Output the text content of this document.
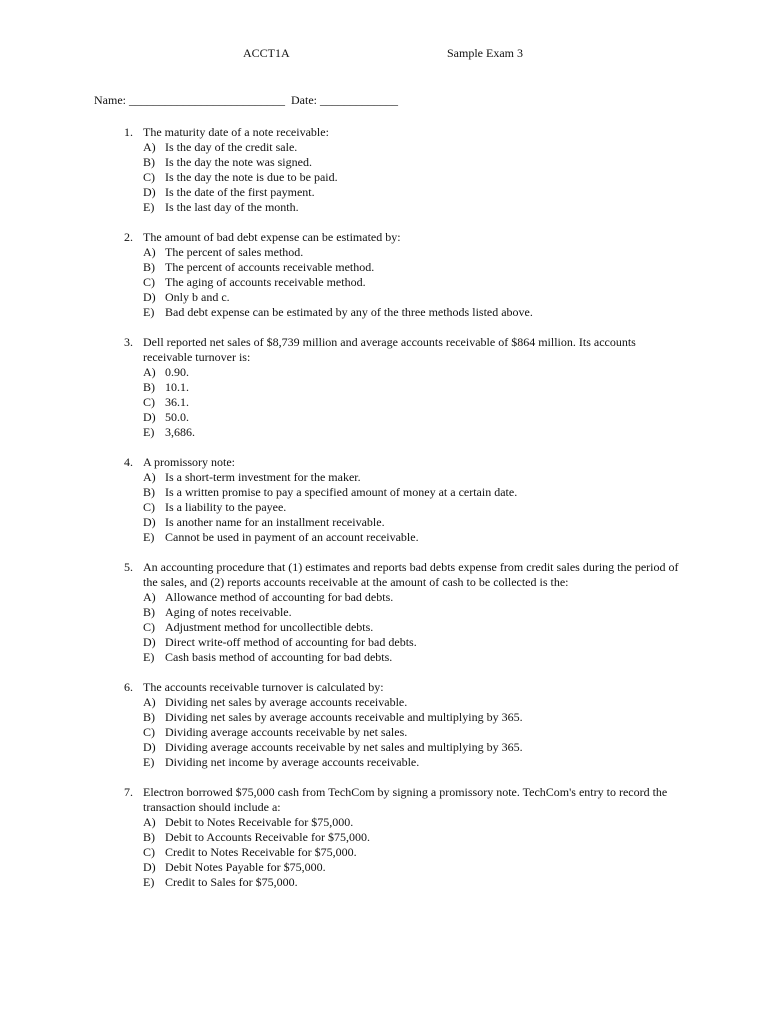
ACCT1A	Sample Exam 3
Name: __________________________ Date: _____________
1. The maturity date of a note receivable:
A) Is the day of the credit sale.
B) Is the day the note was signed.
C) Is the day the note is due to be paid.
D) Is the date of the first payment.
E) Is the last day of the month.
2. The amount of bad debt expense can be estimated by:
A) The percent of sales method.
B) The percent of accounts receivable method.
C) The aging of accounts receivable method.
D) Only b and c.
E) Bad debt expense can be estimated by any of the three methods listed above.
3. Dell reported net sales of $8,739 million and average accounts receivable of $864 million. Its accounts receivable turnover is:
A) 0.90.
B) 10.1.
C) 36.1.
D) 50.0.
E) 3,686.
4. A promissory note:
A) Is a short-term investment for the maker.
B) Is a written promise to pay a specified amount of money at a certain date.
C) Is a liability to the payee.
D) Is another name for an installment receivable.
E) Cannot be used in payment of an account receivable.
5. An accounting procedure that (1) estimates and reports bad debts expense from credit sales during the period of the sales, and (2) reports accounts receivable at the amount of cash to be collected is the:
A) Allowance method of accounting for bad debts.
B) Aging of notes receivable.
C) Adjustment method for uncollectible debts.
D) Direct write-off method of accounting for bad debts.
E) Cash basis method of accounting for bad debts.
6. The accounts receivable turnover is calculated by:
A) Dividing net sales by average accounts receivable.
B) Dividing net sales by average accounts receivable and multiplying by 365.
C) Dividing average accounts receivable by net sales.
D) Dividing average accounts receivable by net sales and multiplying by 365.
E) Dividing net income by average accounts receivable.
7. Electron borrowed $75,000 cash from TechCom by signing a promissory note. TechCom's entry to record the transaction should include a:
A) Debit to Notes Receivable for $75,000.
B) Debit to Accounts Receivable for $75,000.
C) Credit to Notes Receivable for $75,000.
D) Debit Notes Payable for $75,000.
E) Credit to Sales for $75,000.
